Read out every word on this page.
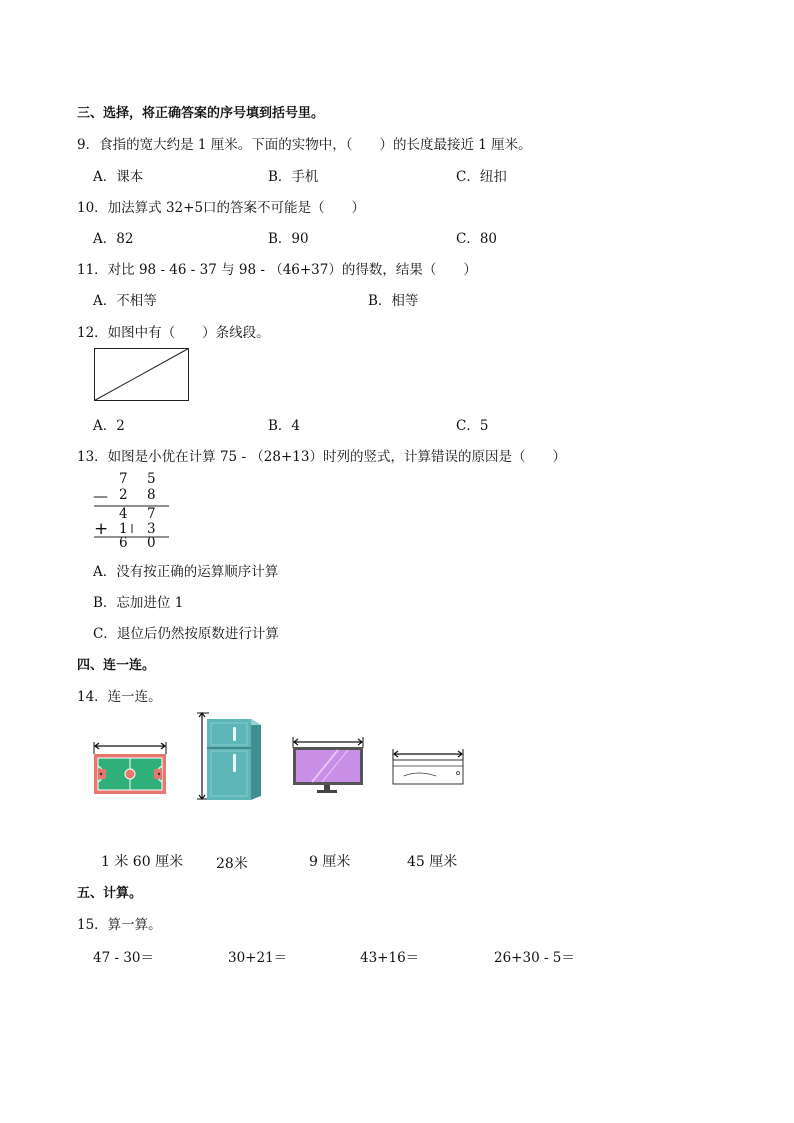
三、选择，将正确答案的序号填到括号里。
9．食指的宽大约是 1 厘米。下面的实物中，（　　）的长度最接近 1 厘米。
A．课本	B．手机	C．纽扣
10．加法算式 32+5口的答案不可能是（　　）
A．82	B．90	C．80
11．对比 98 - 46 - 37 与 98 - （46+37）的得数，结果（　　）
A．不相等	B．相等
12．如图中有（　　）条线段。
A．2	B．4	C．5
13．如图是小优在计算 75 - （28+13）时列的竖式，计算错误的原因是（　　）
7 5
— 2 8
4 7
+ 1 3
6 0
A．没有按正确的运算顺序计算
B．忘加进位 1
C．退位后仍然按原数进行计算
四、连一连。
14．连一连。
1 米 60 厘米 28米	9 厘米	45 厘米
五、计算。
15．算一算。
47 - 30＝	30+21＝	43+16＝	26+30 - 5＝
